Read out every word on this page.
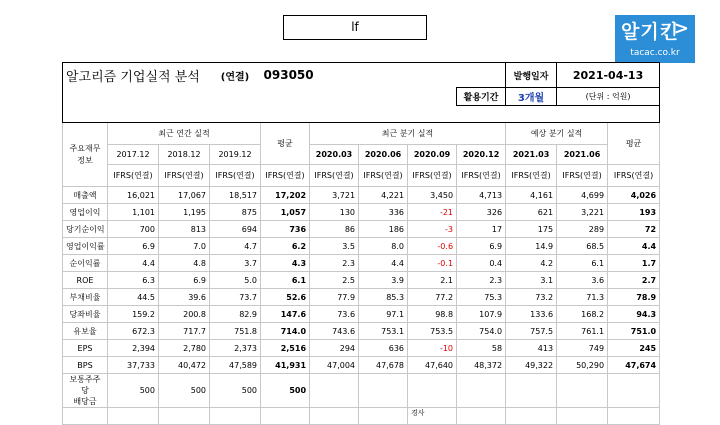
lf	알기킨
>
tacac.co.kr
알고리즘 기업실적 분석			(연결)	093050					발행일자	2021-04-13	
								활용기간	3개월	(단위 : 억원)	

주요재무
정보	최근 연간 실적			평균	최근 분기 실적				예상 분기 실적		평균
	2017.12	2018.12	2019.12		2020.03	2020.06	2020.09	2020.12	2021.03	2021.06	
	IFRS(연결)	IFRS(연결)	IFRS(연결)	IFRS(연결)	IFRS(연결)	IFRS(연결)	IFRS(연결)	IFRS(연결)	IFRS(연결)	IFRS(연결)	IFRS(연결)
매출액	16,021	17,067	18,517	17,202	3,721	4,221	3,450	4,713	4,161	4,699	4,026
영업이익	1,101	1,195	875	1,057	130	336	-21	326	621	3,221	193
당기순이익	700	813	694	736	86	186	-3	17	175	289	72
영업이익률	6.9	7.0	4.7	6.2	3.5	8.0	-0.6	6.9	14.9	68.5	4.4
순이익률	4.4	4.8	3.7	4.3	2.3	4.4	-0.1	0.4	4.2	6.1	1.7
ROE	6.3	6.9	5.0	6.1	2.5	3.9	2.1	2.3	3.1	3.6	2.7
부채비율	44.5	39.6	73.7	52.6	77.9	85.3	77.2	75.3	73.2	71.3	78.9
당좌비율	159.2	200.8	82.9	147.6	73.6	97.1	98.8	107.9	133.6	168.2	94.3
유보율	672.3	717.7	751.8	714.0	743.6	753.1	753.5	754.0	757.5	761.1	751.0
EPS	2,394	2,780	2,373	2,516	294	636	-10	58	413	749	245
BPS	37,733	40,472	47,589	41,931	47,004	47,678	47,640	48,372	49,322	50,290	47,674
보통주주당
배당금	500	500	500	500							
							경사				
